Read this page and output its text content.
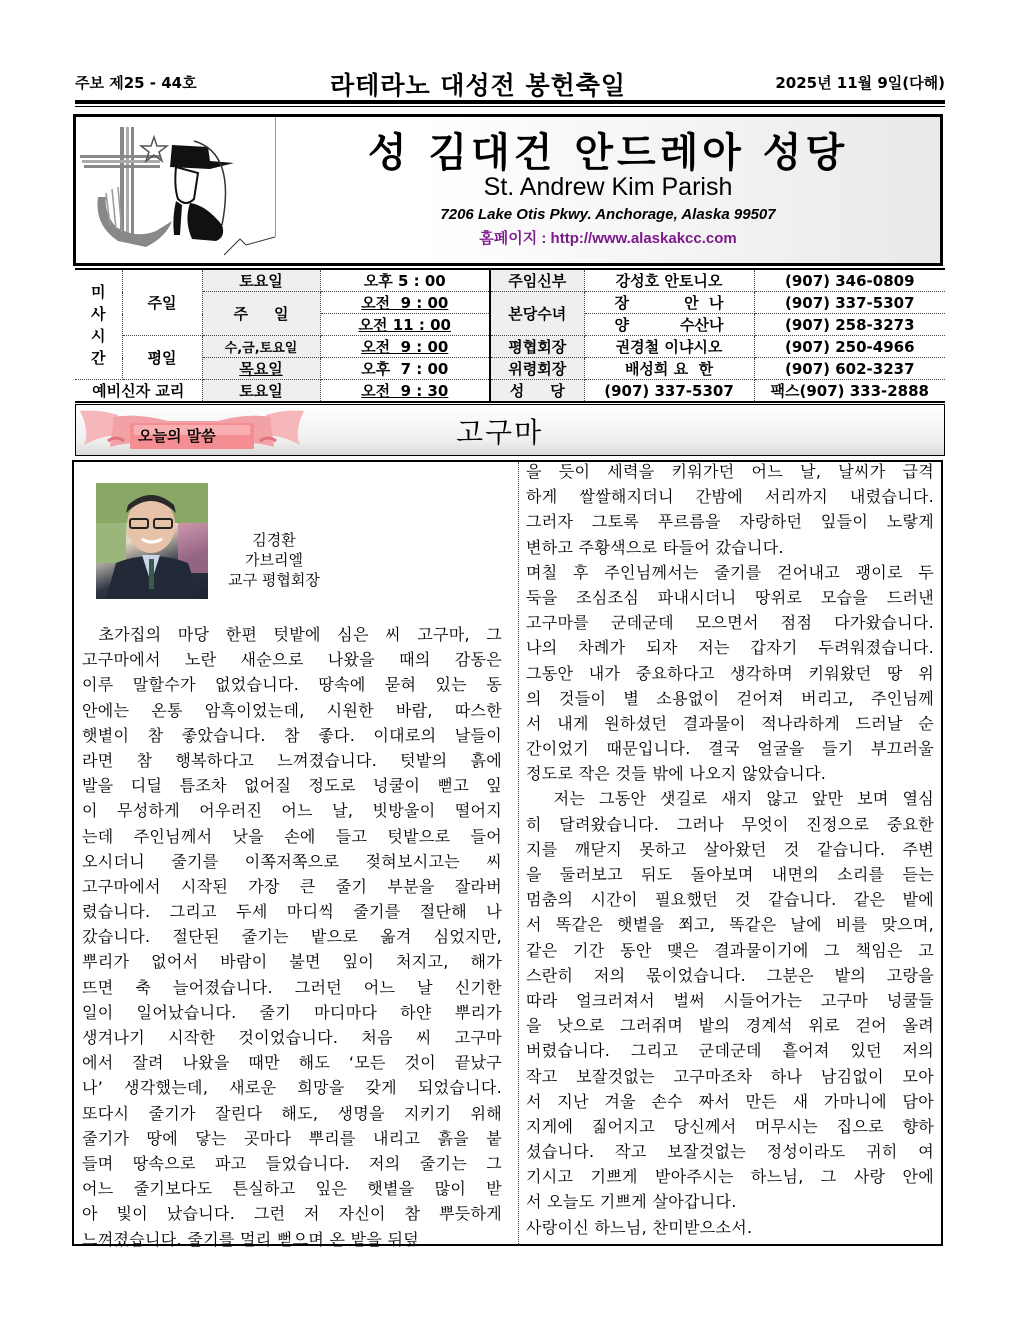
주보 제25 - 44호	라테라노 대성전 봉헌축일	2025년 11월 9일(다해)
성 김대건 안드레아 성당
St. Andrew Kim Parish
7206 Lake Otis Pkwy. Anchorage, Alaska 99507
홈페이지 : http://www.alaskakcc.com
미
사
시
간	주일	토요일	오후 5 : 00	주임신부	강성호 안토니오	(907) 346-0809
		주     일	오전  9 : 00	본당수녀	장 안  나	(907) 337-5307
			오전 11 : 00		양 수산나	(907) 258-3273
	평일	수,금,토요일	오전  9 : 00	평협회장	권경철 이냐시오	(907) 250-4966
		목요일	오후  7 : 00	위령회장	배성희 요  한	(907) 602-3237
예비신자 교리		토요일	오전  9 : 30	성     당	(907) 337-5307	팩스(907) 333-2888
오늘의 말씀	고구마
김경환
가브리엘
교구 평협회장
초가집의 마당 한편 텃밭에 심은 씨 고구마, 그
고구마에서 노란 새순으로 나왔을 때의 감동은
이루 말할수가 없었습니다. 땅속에 묻혀 있는 동
안에는 온통 암흑이었는데, 시원한 바람, 따스한
햇볕이 참 좋았습니다. 참 좋다. 이대로의 날들이
라면 참 행복하다고 느껴졌습니다. 텃밭의 흙에
발을 디딜 틈조차 없어질 정도로 넝쿨이 뻗고 잎
이 무성하게 어우러진 어느 날, 빗방울이 떨어지
는데 주인님께서 낫을 손에 들고 텃밭으로 들어
오시더니 줄기를 이쪽저쪽으로 젖혀보시고는 씨
고구마에서 시작된 가장 큰 줄기 부분을 잘라버
렸습니다. 그리고 두세 마디씩 줄기를 절단해 나
갔습니다. 절단된 줄기는 밭으로 옮겨 심었지만,
뿌리가 없어서 바람이 불면 잎이 처지고, 해가
뜨면 축 늘어졌습니다. 그러던 어느 날 신기한
일이 일어났습니다. 줄기 마디마다 하얀 뿌리가
생겨나기 시작한 것이었습니다. 처음 씨 고구마
에서 잘려 나왔을 때만 해도 ‘모든 것이 끝났구
나’ 생각했는데, 새로운 희망을 갖게 되었습니다.
또다시 줄기가 잘린다 해도, 생명을 지키기 위해
줄기가 땅에 닿는 곳마다 뿌리를 내리고 흙을 붙
들며 땅속으로 파고 들었습니다. 저의 줄기는 그
어느 줄기보다도 튼실하고 잎은 햇볕을 많이 받
아 빛이 났습니다. 그런 저 자신이 참 뿌듯하게
느껴졌습니다. 줄기를 멀리 뻗으며 온 밭을 뒤덮
을 듯이 세력을 키워가던 어느 날, 날씨가 급격
하게 쌀쌀해지더니 간밤에 서리까지 내렸습니다.
그러자 그토록 푸르름을 자랑하던 잎들이 노랗게
변하고 주황색으로 타들어 갔습니다.
며칠 후 주인님께서는 줄기를 걷어내고 괭이로 두
둑을 조심조심 파내시더니 땅위로 모습을 드러낸
고구마를 군데군데 모으면서 점점 다가왔습니다.
나의 차례가 되자 저는 갑자기 두려워졌습니다.
그동안 내가 중요하다고 생각하며 키워왔던 땅 위
의 것들이 별 소용없이 걷어져 버리고, 주인님께
서 내게 원하셨던 결과물이 적나라하게 드러날 순
간이었기 때문입니다. 결국 얼굴을 들기 부끄러울
정도로 작은 것들 밖에 나오지 않았습니다.
저는 그동안 샛길로 새지 않고 앞만 보며 열심
히 달려왔습니다. 그러나 무엇이 진정으로 중요한
지를 깨닫지 못하고 살아왔던 것 같습니다. 주변
을 둘러보고 뒤도 돌아보며 내면의 소리를 듣는
멈춤의 시간이 필요했던 것 같습니다. 같은 밭에
서 똑같은 햇볕을 쬐고, 똑같은 날에 비를 맞으며,
같은 기간 동안 맺은 결과물이기에 그 책임은 고
스란히 저의 몫이었습니다. 그분은 밭의 고랑을
따라 얼크러져서 벌써 시들어가는 고구마 넝쿨들
을 낫으로 그러쥐며 밭의 경계석 위로 걷어 올려
버렸습니다. 그리고 군데군데 흩어져 있던 저의
작고 보잘것없는 고구마조차 하나 남김없이 모아
서 지난 겨울 손수 짜서 만든 새 가마니에 담아
지게에 짊어지고 당신께서 머무시는 집으로 향하
셨습니다. 작고 보잘것없는 정성이라도 귀히 여
기시고 기쁘게 받아주시는 하느님, 그 사랑 안에
서 오늘도 기쁘게 살아갑니다.
사랑이신 하느님, 찬미받으소서.
